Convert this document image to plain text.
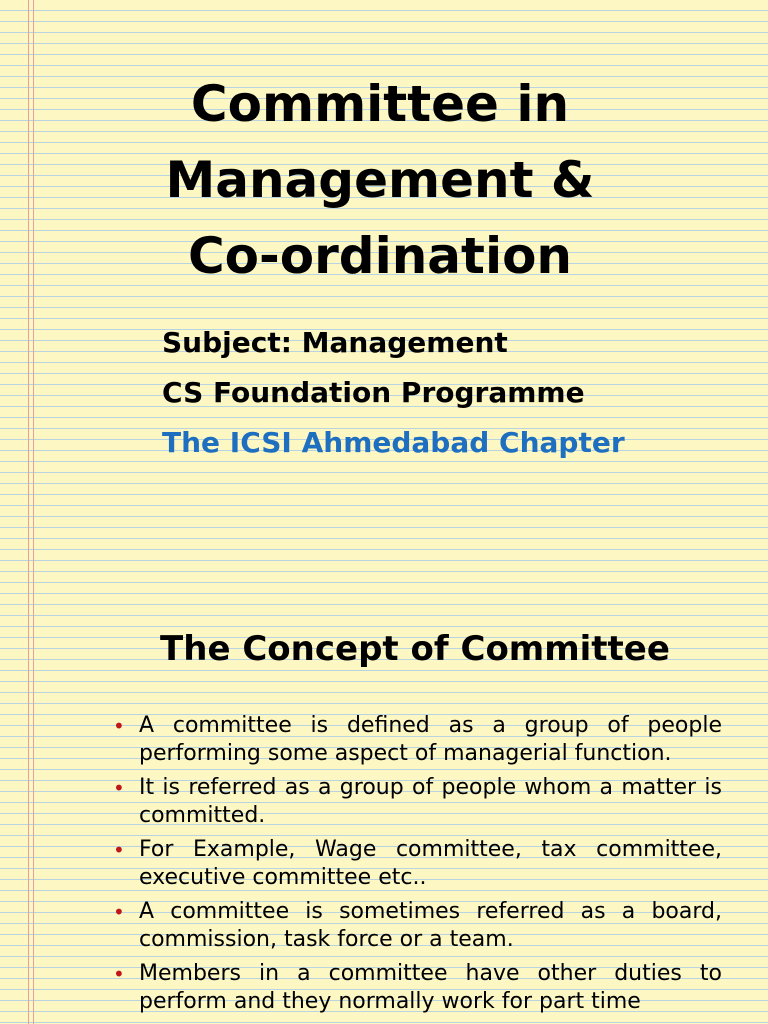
Committee in
Management &
Co-ordination

Subject: Management

CS Foundation Programme

The ICSI Ahmedabad Chapter

The Concept of Committee
• A committee is defined as a group of people performing some aspect of managerial function.
• It is referred as a group of people whom a matter is committed.
• For Example, Wage committee, tax committee, executive committee etc..
• A committee is sometimes referred as a board, commission, task force or a team.
• Members in a committee have other duties to perform and they normally work for part time
